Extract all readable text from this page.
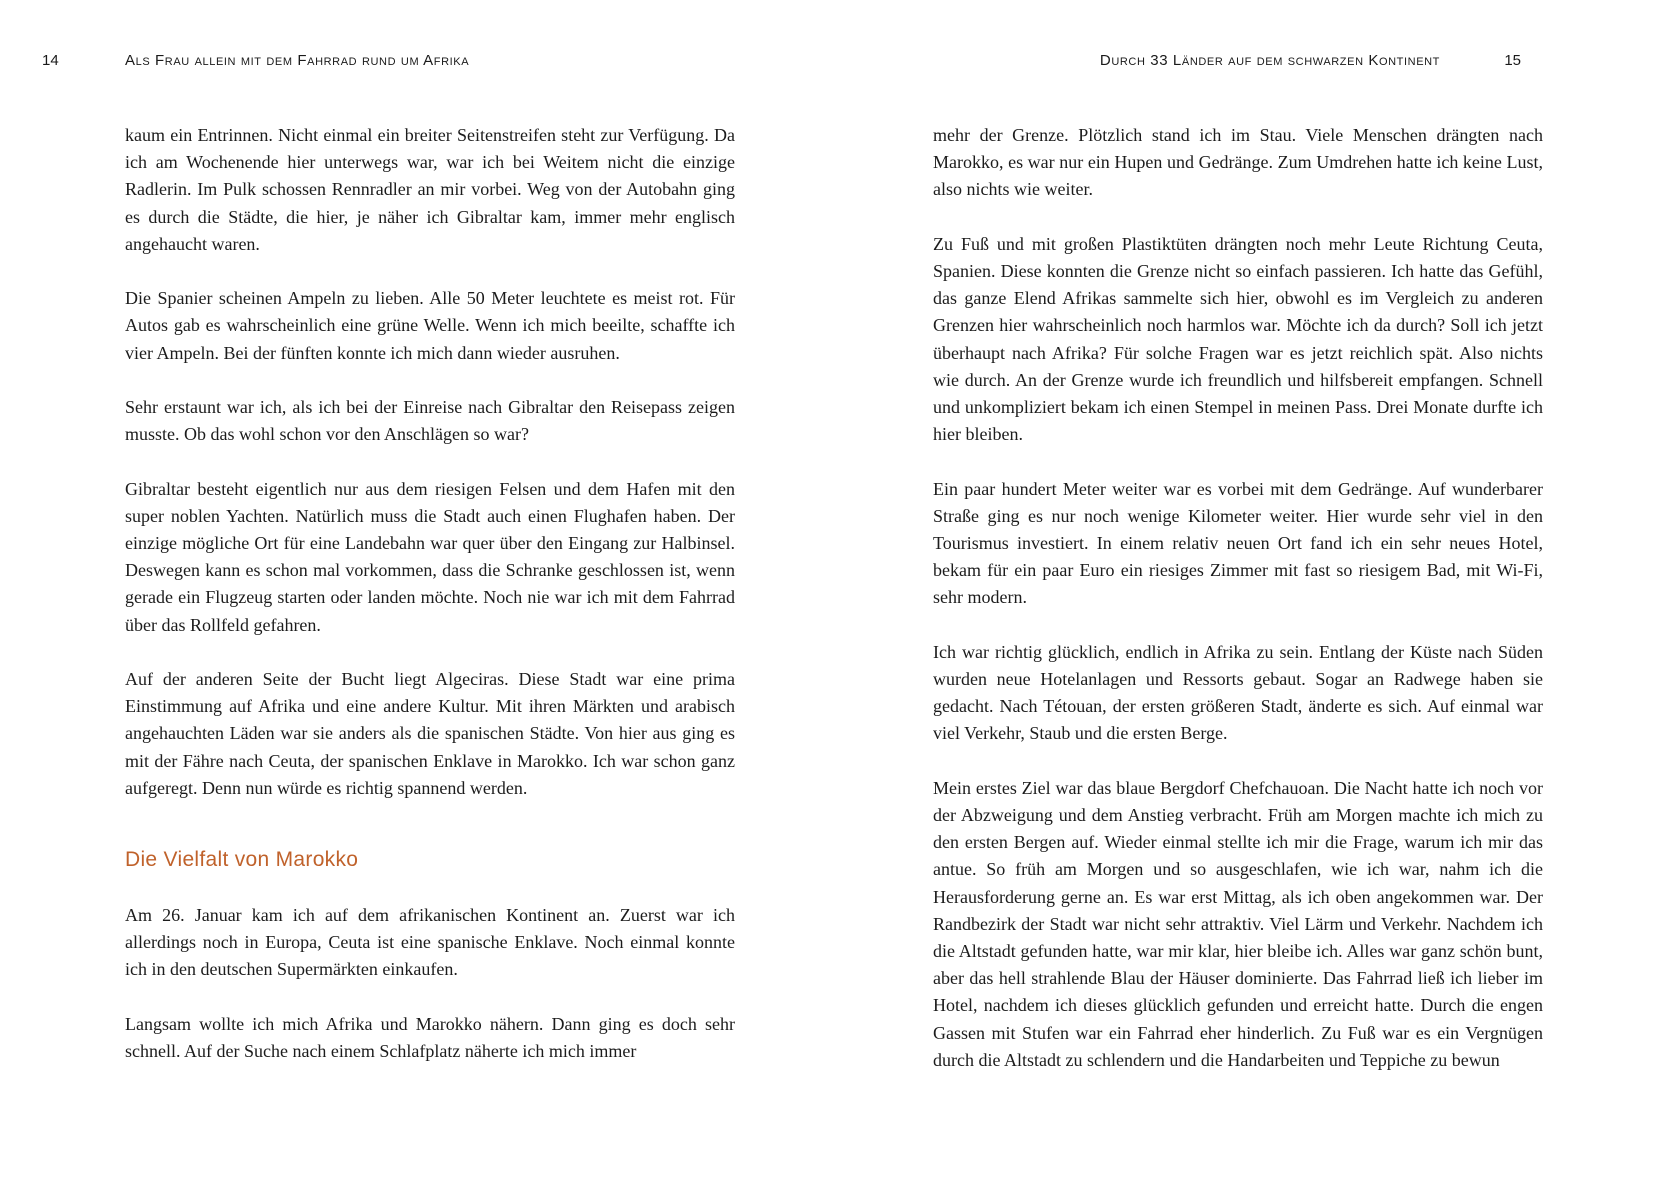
14	Als Frau allein mit dem Fahrrad rund um Afrika

kaum ein Entrinnen. Nicht einmal ein breiter Seitenstreifen steht zur Verfügung. Da ich am Wochenende hier unterwegs war, war ich bei Weitem nicht die einzige Radlerin. Im Pulk schossen Rennradler an mir vorbei. Weg von der Autobahn ging es durch die Städte, die hier, je näher ich Gibraltar kam, immer mehr englisch angehaucht waren.

Die Spanier scheinen Ampeln zu lieben. Alle 50 Meter leuchtete es meist rot. Für Autos gab es wahrscheinlich eine grüne Welle. Wenn ich mich beeilte, schaffte ich vier Ampeln. Bei der fünften konnte ich mich dann wieder ausruhen.

Sehr erstaunt war ich, als ich bei der Einreise nach Gibraltar den Reisepass zeigen musste. Ob das wohl schon vor den Anschlägen so war?

Gibraltar besteht eigentlich nur aus dem riesigen Felsen und dem Hafen mit den super noblen Yachten. Natürlich muss die Stadt auch einen Flughafen haben. Der einzige mögliche Ort für eine Landebahn war quer über den Eingang zur Halbinsel. Deswegen kann es schon mal vorkommen, dass die Schranke geschlossen ist, wenn gerade ein Flugzeug starten oder landen möchte. Noch nie war ich mit dem Fahrrad über das Rollfeld gefahren.

Auf der anderen Seite der Bucht liegt Algeciras. Diese Stadt war eine prima Einstimmung auf Afrika und eine andere Kultur. Mit ihren Märkten und arabisch angehauchten Läden war sie anders als die spanischen Städte. Von hier aus ging es mit der Fähre nach Ceuta, der spanischen Enklave in Marokko. Ich war schon ganz aufgeregt. Denn nun würde es richtig spannend werden.

Die Vielfalt von Marokko

Am 26. Januar kam ich auf dem afrikanischen Kontinent an. Zuerst war ich allerdings noch in Europa, Ceuta ist eine spanische Enklave. Noch einmal konnte ich in den deutschen Supermärkten einkaufen.

Langsam wollte ich mich Afrika und Marokko nähern. Dann ging es doch sehr schnell. Auf der Suche nach einem Schlafplatz näherte ich mich immer

Durch 33 Länder auf dem schwarzen Kontinent	15

mehr der Grenze. Plötzlich stand ich im Stau. Viele Menschen drängten nach Marokko, es war nur ein Hupen und Gedränge. Zum Umdrehen hatte ich keine Lust, also nichts wie weiter.

Zu Fuß und mit großen Plastiktüten drängten noch mehr Leute Richtung Ceuta, Spanien. Diese konnten die Grenze nicht so einfach passieren. Ich hatte das Gefühl, das ganze Elend Afrikas sammelte sich hier, obwohl es im Vergleich zu anderen Grenzen hier wahrscheinlich noch harmlos war. Möchte ich da durch? Soll ich jetzt überhaupt nach Afrika? Für solche Fragen war es jetzt reichlich spät. Also nichts wie durch. An der Grenze wurde ich freundlich und hilfsbereit empfangen. Schnell und unkompliziert bekam ich einen Stempel in meinen Pass. Drei Monate durfte ich hier bleiben.

Ein paar hundert Meter weiter war es vorbei mit dem Gedränge. Auf wunderbarer Straße ging es nur noch wenige Kilometer weiter. Hier wurde sehr viel in den Tourismus investiert. In einem relativ neuen Ort fand ich ein sehr neues Hotel, bekam für ein paar Euro ein riesiges Zimmer mit fast so riesigem Bad, mit Wi-Fi, sehr modern.

Ich war richtig glücklich, endlich in Afrika zu sein. Entlang der Küste nach Süden wurden neue Hotelanlagen und Ressorts gebaut. Sogar an Radwege haben sie gedacht. Nach Tétouan, der ersten größeren Stadt, änderte es sich. Auf einmal war viel Verkehr, Staub und die ersten Berge.

Mein erstes Ziel war das blaue Bergdorf Chefchauoan. Die Nacht hatte ich noch vor der Abzweigung und dem Anstieg verbracht. Früh am Morgen machte ich mich zu den ersten Bergen auf. Wieder einmal stellte ich mir die Frage, warum ich mir das antue. So früh am Morgen und so ausgeschlafen, wie ich war, nahm ich die Herausforderung gerne an. Es war erst Mittag, als ich oben angekommen war. Der Randbezirk der Stadt war nicht sehr attraktiv. Viel Lärm und Verkehr. Nachdem ich die Altstadt gefunden hatte, war mir klar, hier bleibe ich. Alles war ganz schön bunt, aber das hell strahlende Blau der Häuser dominierte. Das Fahrrad ließ ich lieber im Hotel, nachdem ich dieses glücklich gefunden und erreicht hatte. Durch die engen Gassen mit Stufen war ein Fahrrad eher hinderlich. Zu Fuß war es ein Vergnügen durch die Altstadt zu schlendern und die Handarbeiten und Teppiche zu bewun
